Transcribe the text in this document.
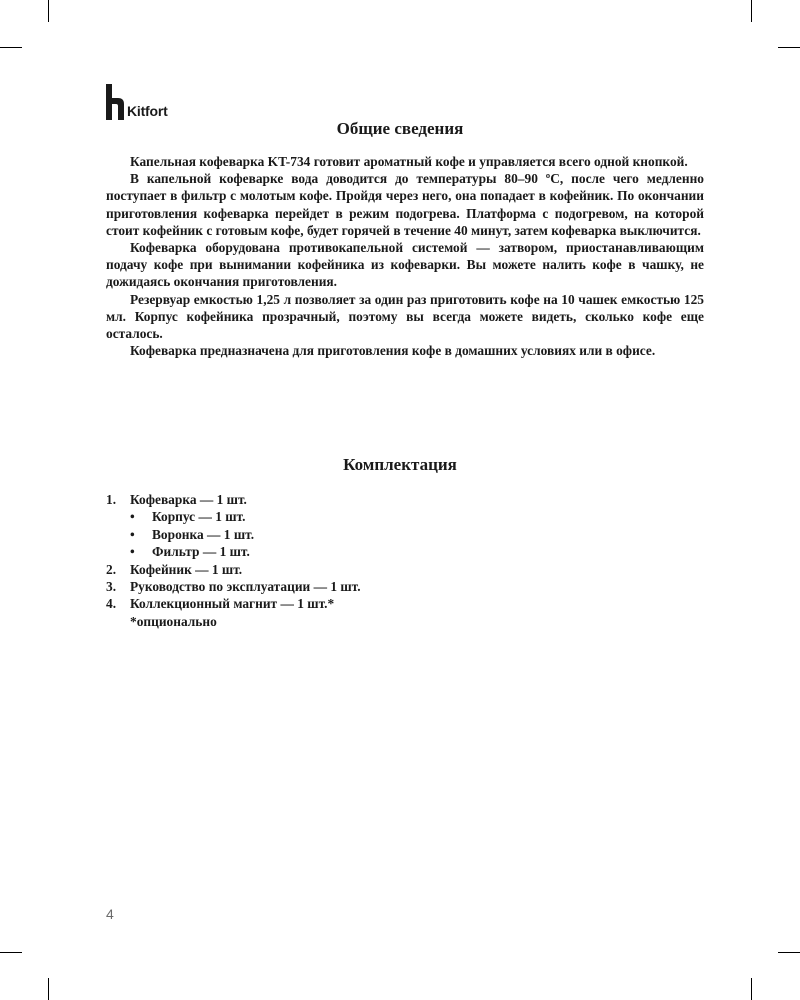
Kitfort
Общие сведения

Капельная кофеварка KT-734 готовит ароматный кофе и управляется всего одной кнопкой.

В капельной кофеварке вода доводится до температуры 80–90 ºС, после чего медленно поступает в фильтр с молотым кофе. Пройдя через него, она попадает в кофейник. По окончании приготовления кофеварка перейдет в режим подогрева. Платформа с подогревом, на которой стоит кофейник с готовым кофе, будет горячей в течение 40 минут, затем кофеварка выключится.

Кофеварка оборудована противокапельной системой — затвором, приостанавливающим подачу кофе при вынимании кофейника из кофеварки. Вы можете налить кофе в чашку, не дожидаясь окончания приготовления.

Резервуар емкостью 1,25 л позволяет за один раз приготовить кофе на 10 чашек емкостью 125 мл. Корпус кофейника прозрачный, поэтому вы всегда можете видеть, сколько кофе еще осталось.

Кофеварка предназначена для приготовления кофе в домашних условиях или в офисе.

Комплектация
1.	Кофеварка — 1 шт.
•	Корпус — 1 шт.
•	Воронка — 1 шт.
•	Фильтр — 1 шт.
2.	Кофейник — 1 шт.
3.	Руководство по эксплуатации — 1 шт.
4.	Коллекционный магнит — 1 шт.*
*опционально
4
